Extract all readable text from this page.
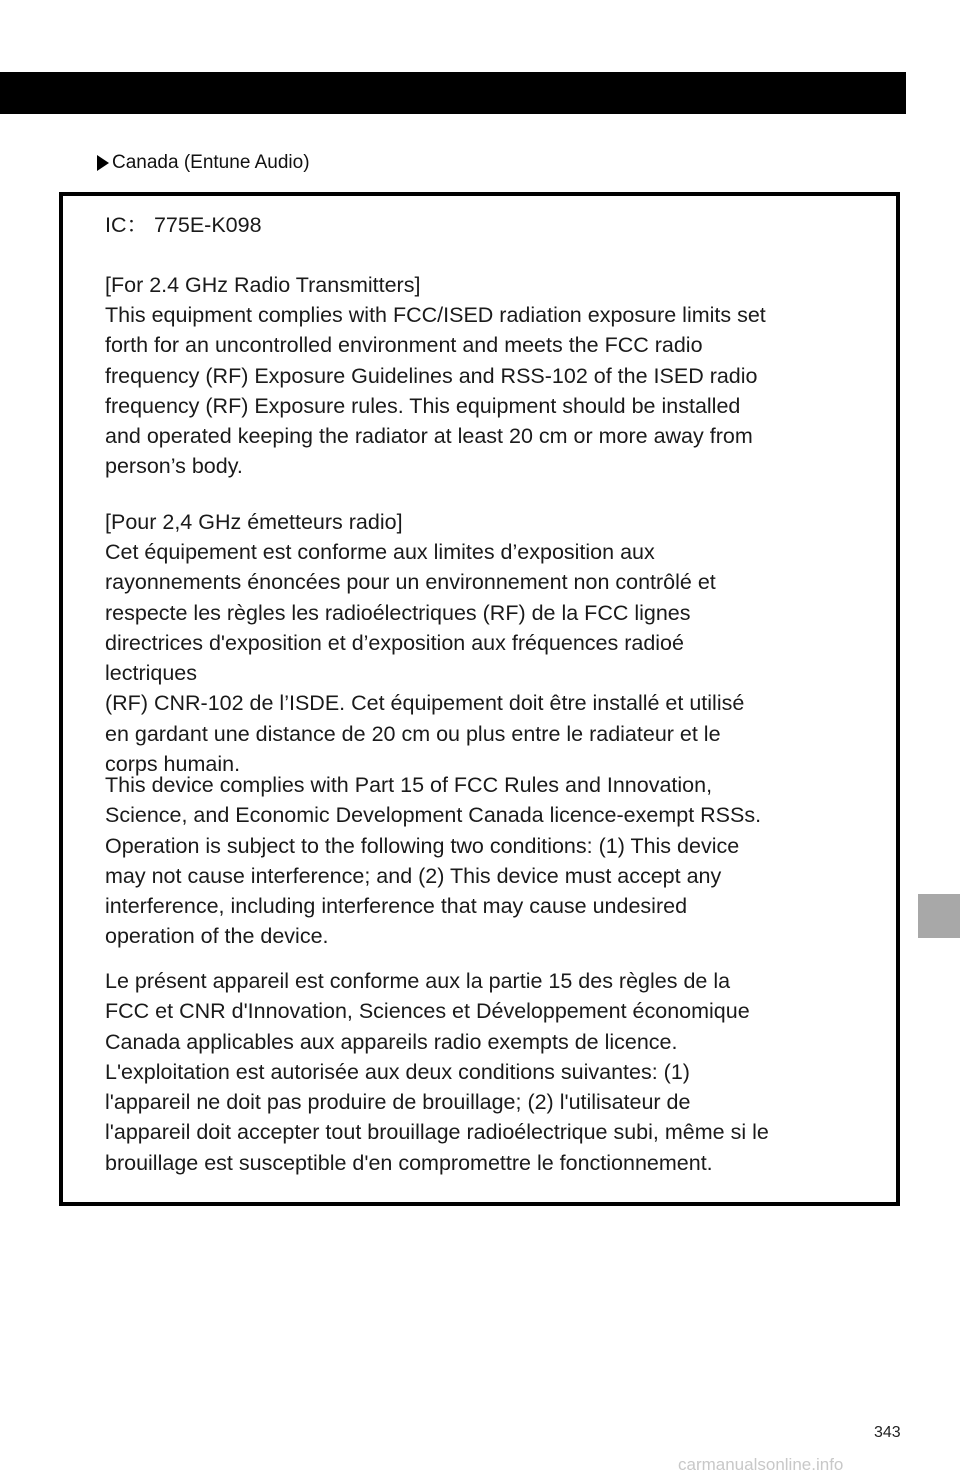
Canada (Entune Audio)
IC： 775E-K098
[For 2.4 GHz Radio Transmitters]
This equipment complies with FCC/ISED radiation exposure limits set
forth for an uncontrolled environment and meets the FCC radio
frequency (RF) Exposure Guidelines and RSS-102 of the ISED radio
frequency (RF) Exposure rules. This equipment should be installed
and operated keeping the radiator at least 20 cm or more away from
person’s body.
[Pour 2,4 GHz émetteurs radio]
Cet équipement est conforme aux limites d’exposition aux
rayonnements énoncées pour un environnement non contrôlé et
respecte les règles les radioélectriques (RF) de la FCC lignes
directrices d'exposition et d’exposition aux fréquences radioé
lectriques
(RF) CNR-102 de l’ISDE. Cet équipement doit être installé et utilisé
en gardant une distance de 20 cm ou plus entre le radiateur et le
corps humain.
This device complies with Part 15 of FCC Rules and Innovation,
Science, and Economic Development Canada licence-exempt RSSs.
Operation is subject to the following two conditions: (1) This device
may not cause interference; and (2) This device must accept any
interference, including interference that may cause undesired
operation of the device.
Le présent appareil est conforme aux la partie 15 des règles de la
FCC et CNR d'Innovation, Sciences et Développement économique
Canada applicables aux appareils radio exempts de licence.
L'exploitation est autorisée aux deux conditions suivantes: (1)
l'appareil ne doit pas produire de brouillage; (2) l'utilisateur de
l'appareil doit accepter tout brouillage radioélectrique subi, même si le
brouillage est susceptible d'en compromettre le fonctionnement.
343
carmanualsonline.info
